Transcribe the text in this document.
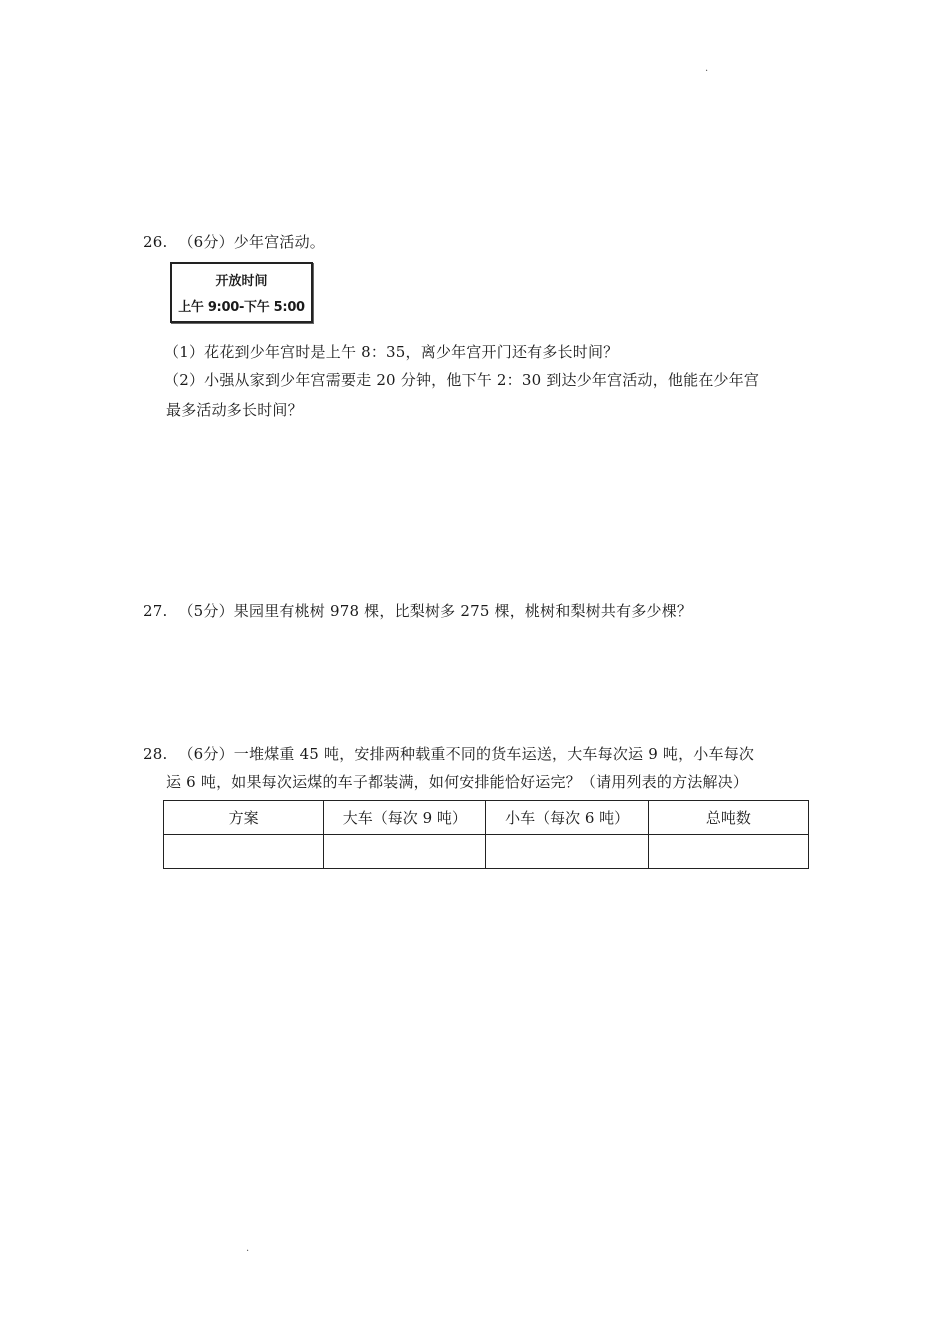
.
26. （6分）少年宫活动。
开放时间
上午 9:00-下午 5:00
（1）花花到少年宫时是上午 8：35，离少年宫开门还有多长时间？
（2）小强从家到少年宫需要走 20 分钟，他下午 2：30 到达少年宫活动，他能在少年宫
最多活动多长时间？
27. （5分）果园里有桃树 978 棵，比梨树多 275 棵，桃树和梨树共有多少棵？
28. （6分）一堆煤重 45 吨，安排两种载重不同的货车运送，大车每次运 9 吨，小车每次
运 6 吨，如果每次运煤的车子都装满，如何安排能恰好运完？（请用列表的方法解决）
方案	大车（每次 9 吨）	小车（每次 6 吨）	总吨数

.
